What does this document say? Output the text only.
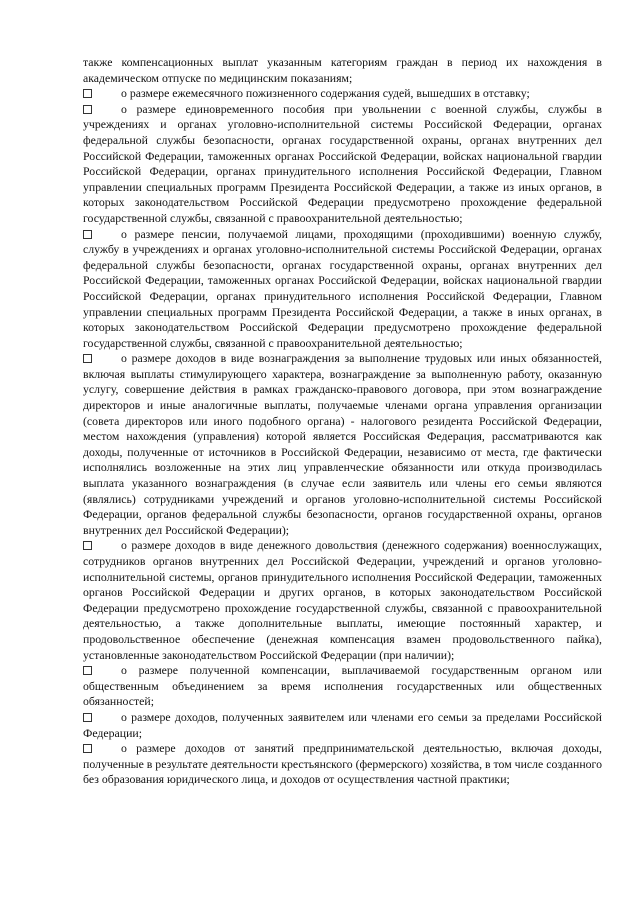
также компенсационных выплат указанным категориям граждан в период их нахождения в академическом отпуске по медицинским показаниям;

о размере ежемесячного пожизненного содержания судей, вышедших в отставку;

о размере единовременного пособия при увольнении с военной службы, службы в учреждениях и органах уголовно-исполнительной системы Российской Федерации, органах федеральной службы безопасности, органах государственной охраны, органах внутренних дел Российской Федерации, таможенных органах Российской Федерации, войсках национальной гвардии Российской Федерации, органах принудительного исполнения Российской Федерации, Главном управлении специальных программ Президента Российской Федерации, а также из иных органов, в которых законодательством Российской Федерации предусмотрено прохождение федеральной государственной службы, связанной с правоохранительной деятельностью;

о размере пенсии, получаемой лицами, проходящими (проходившими) военную службу, службу в учреждениях и органах уголовно-исполнительной системы Российской Федерации, органах федеральной службы безопасности, органах государственной охраны, органах внутренних дел Российской Федерации, таможенных органах Российской Федерации, войсках национальной гвардии Российской Федерации, органах принудительного исполнения Российской Федерации, Главном управлении специальных программ Президента Российской Федерации, а также в иных органах, в которых законодательством Российской Федерации предусмотрено прохождение федеральной государственной службы, связанной с правоохранительной деятельностью;

о размере доходов в виде вознаграждения за выполнение трудовых или иных обязанностей, включая выплаты стимулирующего характера, вознаграждение за выполненную работу, оказанную услугу, совершение действия в рамках гражданско-правового договора, при этом вознаграждение директоров и иные аналогичные выплаты, получаемые членами органа управления организации (совета директоров или иного подобного органа) - налогового резидента Российской Федерации, местом нахождения (управления) которой является Российская Федерация, рассматриваются как доходы, полученные от источников в Российской Федерации, независимо от места, где фактически исполнялись возложенные на этих лиц управленческие обязанности или откуда производилась выплата указанного вознаграждения (в случае если заявитель или члены его семьи являются (являлись) сотрудниками учреждений и органов уголовно-исполнительной системы Российской Федерации, органов федеральной службы безопасности, органов государственной охраны, органов внутренних дел Российской Федерации);

о размере доходов в виде денежного довольствия (денежного содержания) военнослужащих, сотрудников органов внутренних дел Российской Федерации, учреждений и органов уголовно-исполнительной системы, органов принудительного исполнения Российской Федерации, таможенных органов Российской Федерации и других органов, в которых законодательством Российской Федерации предусмотрено прохождение государственной службы, связанной с правоохранительной деятельностью, а также дополнительные выплаты, имеющие постоянный характер, и продовольственное обеспечение (денежная компенсация взамен продовольственного пайка), установленные законодательством Российской Федерации (при наличии);

о размере полученной компенсации, выплачиваемой государственным органом или общественным объединением за время исполнения государственных или общественных обязанностей;

о размере доходов, полученных заявителем или членами его семьи за пределами Российской Федерации;

о размере доходов от занятий предпринимательской деятельностью, включая доходы, полученные в результате деятельности крестьянского (фермерского) хозяйства, в том числе созданного без образования юридического лица, и доходов от осуществления частной практики;
